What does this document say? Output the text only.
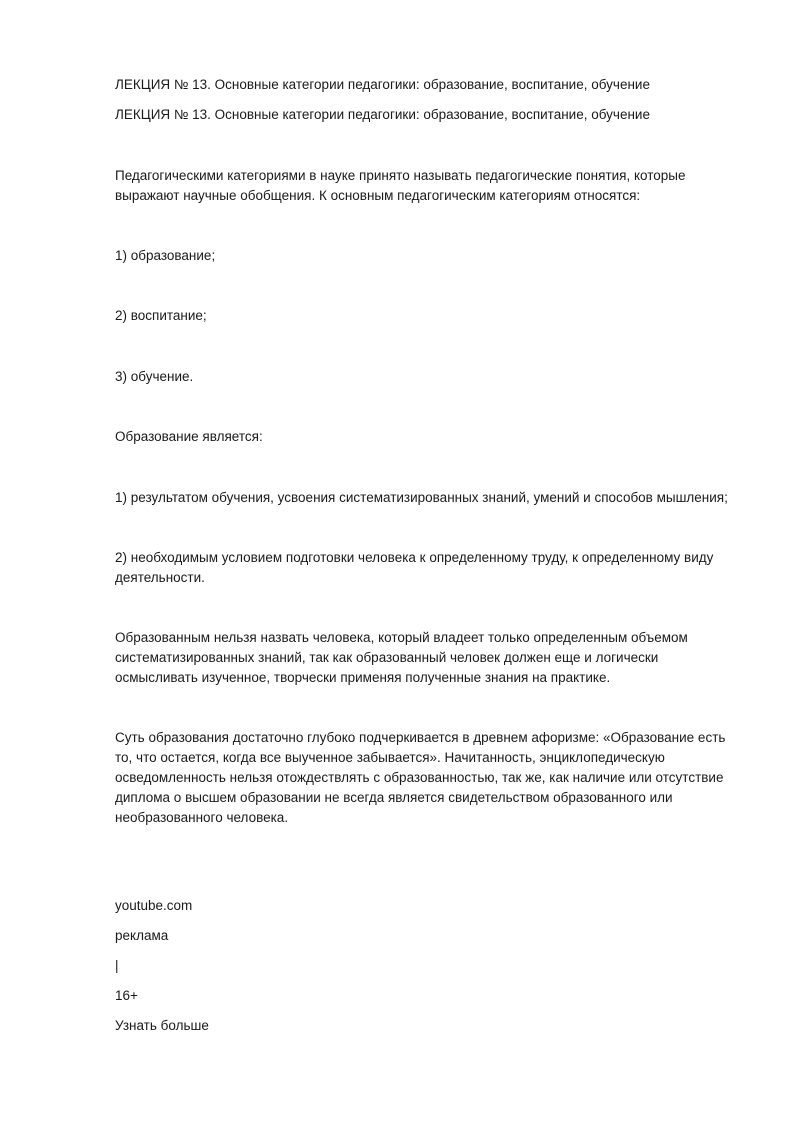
ЛЕКЦИЯ № 13. Основные категории педагогики: образование, воспитание, обучение

ЛЕКЦИЯ № 13. Основные категории педагогики: образование, воспитание, обучение

Педагогическими категориями в науке принято называть педагогические понятия, которые выражают научные обобщения. К основным педагогическим категориям относятся:

1) образование;

2) воспитание;

3) обучение.

Образование является:

1) результатом обучения, усвоения систематизированных знаний, умений и способов мышления;

2) необходимым условием подготовки человека к определенному труду, к определенному виду деятельности.

Образованным нельзя назвать человека, который владеет только определенным объемом систематизированных знаний, так как образованный человек должен еще и логически осмысливать изученное, творчески применяя полученные знания на практике.

Суть образования достаточно глубоко подчеркивается в древнем афоризме: «Образование есть то, что остается, когда все выученное забывается». Начитанность, энциклопедическую осведомленность нельзя отождествлять с образованностью, так же, как наличие или отсутствие диплома о высшем образовании не всегда является свидетельством образованного или необразованного человека.

youtube.com

реклама

|

16+

Узнать больше
